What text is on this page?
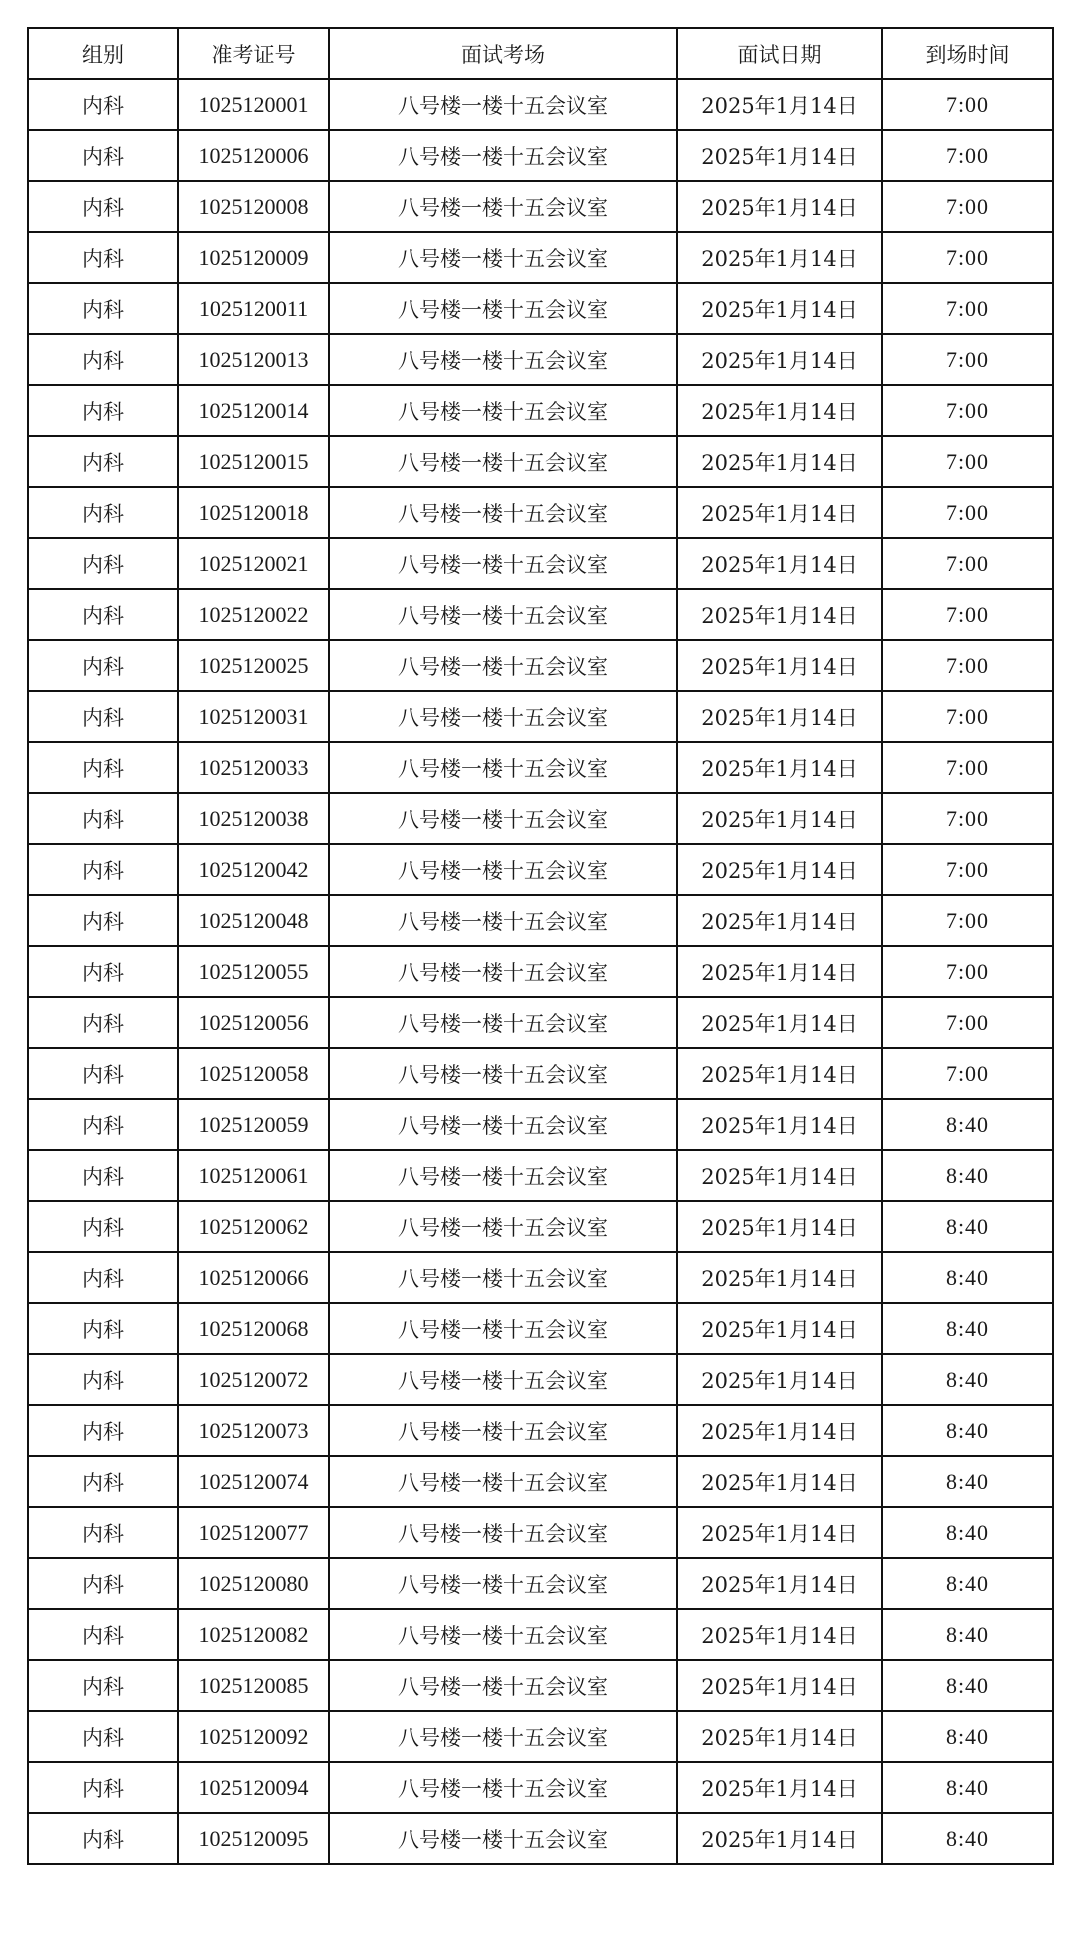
组别	准考证号	面试考场	面试日期	到场时间
内科	1025120001	八号楼一楼十五会议室	2025年1月14日	7:00
内科	1025120006	八号楼一楼十五会议室	2025年1月14日	7:00
内科	1025120008	八号楼一楼十五会议室	2025年1月14日	7:00
内科	1025120009	八号楼一楼十五会议室	2025年1月14日	7:00
内科	1025120011	八号楼一楼十五会议室	2025年1月14日	7:00
内科	1025120013	八号楼一楼十五会议室	2025年1月14日	7:00
内科	1025120014	八号楼一楼十五会议室	2025年1月14日	7:00
内科	1025120015	八号楼一楼十五会议室	2025年1月14日	7:00
内科	1025120018	八号楼一楼十五会议室	2025年1月14日	7:00
内科	1025120021	八号楼一楼十五会议室	2025年1月14日	7:00
内科	1025120022	八号楼一楼十五会议室	2025年1月14日	7:00
内科	1025120025	八号楼一楼十五会议室	2025年1月14日	7:00
内科	1025120031	八号楼一楼十五会议室	2025年1月14日	7:00
内科	1025120033	八号楼一楼十五会议室	2025年1月14日	7:00
内科	1025120038	八号楼一楼十五会议室	2025年1月14日	7:00
内科	1025120042	八号楼一楼十五会议室	2025年1月14日	7:00
内科	1025120048	八号楼一楼十五会议室	2025年1月14日	7:00
内科	1025120055	八号楼一楼十五会议室	2025年1月14日	7:00
内科	1025120056	八号楼一楼十五会议室	2025年1月14日	7:00
内科	1025120058	八号楼一楼十五会议室	2025年1月14日	7:00
内科	1025120059	八号楼一楼十五会议室	2025年1月14日	8:40
内科	1025120061	八号楼一楼十五会议室	2025年1月14日	8:40
内科	1025120062	八号楼一楼十五会议室	2025年1月14日	8:40
内科	1025120066	八号楼一楼十五会议室	2025年1月14日	8:40
内科	1025120068	八号楼一楼十五会议室	2025年1月14日	8:40
内科	1025120072	八号楼一楼十五会议室	2025年1月14日	8:40
内科	1025120073	八号楼一楼十五会议室	2025年1月14日	8:40
内科	1025120074	八号楼一楼十五会议室	2025年1月14日	8:40
内科	1025120077	八号楼一楼十五会议室	2025年1月14日	8:40
内科	1025120080	八号楼一楼十五会议室	2025年1月14日	8:40
内科	1025120082	八号楼一楼十五会议室	2025年1月14日	8:40
内科	1025120085	八号楼一楼十五会议室	2025年1月14日	8:40
内科	1025120092	八号楼一楼十五会议室	2025年1月14日	8:40
内科	1025120094	八号楼一楼十五会议室	2025年1月14日	8:40
内科	1025120095	八号楼一楼十五会议室	2025年1月14日	8:40
